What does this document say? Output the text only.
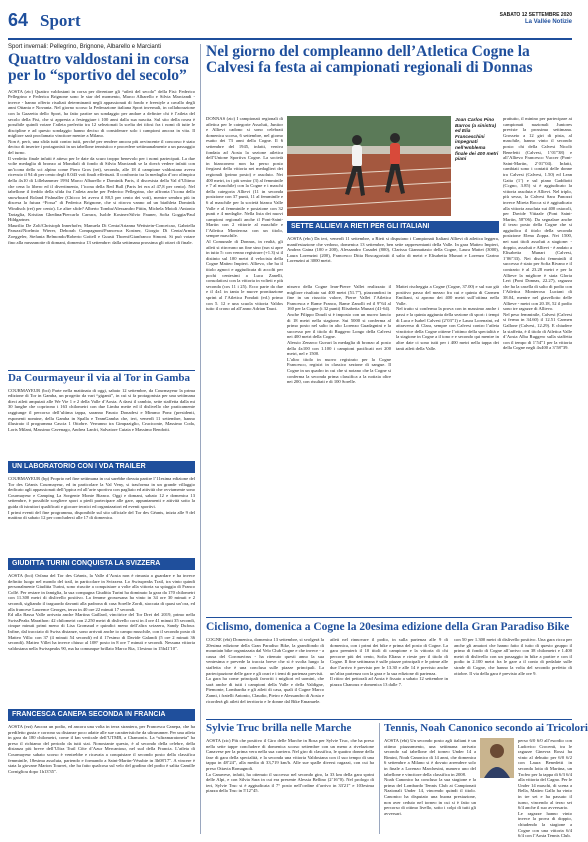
64 Sport	SABATO 12 SETTEMBRE 2020
La Vallée Notizie
Sport invernali: Pellegrino, Brignone, Albarello e Marcianti
Quattro valdostani in corsa per lo “sportivo del secolo”
AOSTA (ztc) Quattro valdostani in corsa per diventare gli “atleti del secolo” della Fisi: Federico Pellegrino e Federica Brignone sono le star del momento, Marco Albarello e Silvia Marciandi - invece - hanno offerto risultati determinanti negli appassionati di fondo e freestyle a cavallo degli anni Ottanta e Novanta. Nel giorno scorso la Federazione italiana Sport invernali, in collaborazione con la Gazzetta dello Sport, ha fatto partire un sondaggio per andare a definire chi è l’atleta del secolo della Fisi, che si appresta a festeggiare i 100 anni dalla sua nascita. Sul sito della rosea è possibile quindi votare l’atleta preferito tra 12 selezionati la scelta dei tifosi fra i nomi di tutte le discipline e ad questo sondaggio hanno deciso di considerare solo i campioni ancora in vita. Il migliore sarà proclamato vincitore mentre a Milano.
Non è, però, una sfida tutti contro tutti, perché per rendere ancora più avvincente il concorso è stato deciso di inserire i protagonisti in un tabellone tennistico e procedere settimanalmente a un passaggio del turno.
Il verdetto finale infatti è atteso per le date da scuro troppo benevolo per i nomi partecipati. La due volte medaglia di bronzo ai Mondiali di fondo di Silvia Marciandi se la dovrà vedere infatti con un’icona dello sci alpino come Piero Gros (ret), secondo, alle 18 il campione valdostano aveva ricevuto il 94 di per cento degli 8.043 voti finali effettuati. Il confronto tra la medaglia d’oro olimpica della 4x10 di Lillehammer 1994 Marco Albarello e Dominik Paris, il discesista della Val d’Ultimo che cena lo libero ed il divertimento, l’icona della Red Bull (Paris lei era al 47,8 per cento). Nel tabellone il freddo della sfida fra l’atleta anche per Federico Pellegrino, che affronta l’icona dello snowboard Roland Fishnaller (Chicco lei aveva il 88,5 per cento dei voti), mentre sembra più in discesa la futura “Fossa” di Federica Brignone, che si ritrova vanno ad un biathleta Dominik Windisch (ret) per cento). Le altre sfide? Alberto Tomba/Alessandro Pittin, Michela Moioli /Antonio Tartaglia, Kristian Ghedina/Piercarlo Carrara, Isolde Kostner/Silvio Fauner, Sofia Goggia/Paul Hildgartner.
Maurilio De Zolt/Christoph Innerhofer, Manuela Di Centa/Arianna Wettstein-Conceicao, Gabriella Paruzzi/Noelmio Wierer, Deborah Compagnoni/Francesca Kostner, Giorgio Di Centa/Armin Zoeggeler, Stefania Belmondo/Roberto Goitell e Guusti Thoeni/Gianfranco Simoni. Si può votare fino alla mezzanotte di domani, domenica 13 settembre: dalla settimana prossima gli ottavi di finale.
Da Courmayeur il via al Tor in Gamba
COURMAYEUR (bci) Parte nella mattinata di oggi, sabato 12 settembre, da Courmayeur la prima edizione di Tor in Gamba, un progetto da vari “giganti”, in cui si fa protagonista per una settimana dieci atleti amputati alle We Vie 1 e 2 della Valle d’Aosta. A darsi il cambio, sette staffetta dalla mi 30 lunghe che coprirono i 163 chilometri con due Limba mette ed il dislivello che praticamente raggiunge il percorso dell’ultima tappa, saranno Fausto Donadesi e Mimmo Ponz (presidenti, esponenti nomine, della Gamba in Spalla e TeamGamba che, ieri, venerdì 11 settembre, hanno illustrato il programma Cascia 1 Ottobre. Verranno tra Gimpaziglio, Cruciconte, Massimo Coda, Loris Milani, Massimo Cavenago, Andrea Lanfri, Salvatore Cutaia e Massimo Bendotti.
UN LABORATORIO CON I VDA TRAILER
COURMAYEUR (bp) Proprio nel fine settimana in cui sarebbe dovuta partire l’11esima edizione del Tor des Géants Courmayeur, ed in particolare la Val Veny, si trasforma in un grande villaggio dedicato agli appassionati dell’ippica ed all’arte sportiva con pagliaio ed attività che ovviamente sono Courmayeur e Camping La Sorgente Monte Bianco. Oggi e domani, sabato 12 e domenica 13 settembre, è possibile scegliere sport a piedi partecipare alle gare, appuntamenti e attività sotto la guida di istruttori qualificati e giocare tecnici ed organizzatori ed eventi sportivi.
I primi eventi del fine programma, disponibile sul sito ufficiale del Tor des Géants, inizia alle 9 del mattino di sabato 12 per concludersi alle 17 di domenica.
GIUDITTA TURINI CONQUISTA LA SVIZZERA
AOSTA (bci) Orfana del Tor des Géants, la Valle d’Aosta non è rimasta a guardare e ha invece definito luogo nel mondo del trail, in particolare in Svizzera. Lo Swisspeaks Trail, tra vinto quindi personalmente Giuditta Turini, sono riuscite a conquistare a volte alla vittoria su spiaggia di Franco Collé. Per restare in famiglia, la sua compagna Giuditta Turini ha dominato la gara da 170 chilometri con 11.300 metri di dislivello positivo. La femme grossesana ha vinto in 34 ore 30 minuti e 2 secondi, sigliando il traguardo davanti alla padrona di casa Sorelle Zordi, staccata di quasi un’ora, ed alla francese Laurence Georges, terza in 40 ore 22 minuti 17 secondi.
Ed alla Bassa Valle arrivata anche Martina Gaillard, vincitrice del Tor Dret del 2019, primo nella SwissPeaks Marathon: 42 chilometri con 2.250 metri di dislivello corsi in 4 ore 41 minuti 35 secondi, cinque minuti primi meno di Lisa Gromaud e quindici meno dell’altra svizzera, Sandy Dufour. Infine, dal tracciato di Swiss distanze, sono arrivati anche io campo muschile, con il secondo posto di Matteo Villa: con 37 (4 minuti 54 secondi) ed il 17esimo di Davide Galandi (5 ore 2 minuti 36 secondi). Matteo Villet ha invece chiuso al 108° posto in 8 ore 7 minuti e secondi. Nessuna vittoria valdostana nella Swisspeaks 90, ma ha comunque brillato Marco Ria, 11esimo in 15h41'10''.
FRANCESCA CANEPA SECONDA IN FRANCIA
AOSTA (ezt) Ancora un podio, ed ancora una volta in terra straniera, per Francesca Canepa, che ha prediletto gusta e corrono su distanze poco adatte alle sue caratteristiche da ultrarunner. Per una atleta in gara da 180 chilometri, come il km verticale dell’UTMB, a Chamonix. La “ultramaratoneta” ha preso il richiamo del periodo da tutti stai. Nonostante questo, è al secondo della celebre, della distanza più breve dell’Ultra Trail Côte d’Azur Mercantour, nel sud della Francia. L’atleta di Courmayeur sabato scorso è ventrebbe e ricavata a conquistare il secondo posto della classifica femminile, 18esima assoluta, partendo e formando a Saint-Martin-Vésubie in 3h08'17''. A vincere è stata la giovane Marion Tourret, che ha fatto qualcosa sul velo del gradino del podio è salita Camille Cornigliou dopo 1h13'35''.
Nel giorno del compleanno dell’Atletica Cogne la Calvesi fa festa ai campionati regionali di Donnas
DONNAS (ztc) I campionati regionali di atletica per le categorie Assoluti, Juniior e Allievi cadono si sono celebrati domenica scorsa, 6 settembre, nel giorno esatto dei 73 anni della Cogne. Il 6 settembre del 1945, infatti, veniva fondata ad Aosta la sezione atletica dell’Unione Sportiva Cogne. La società in bianconero non ha perso posto fregiarsi della vittoria nei medaglieri dei regionali (primo posto) e assoluto. Nei 400 metri, in i più senior (3) al femminile e 7 al maschile) con la Cogne e i maschi della categoria Allievi (11 in seconda posizione con 37 punti, 11 al femminile e 6 al maschile per la società bianca Valle Valle e al femminile e posizione con 32 punti e 4 medaglie. Nella lista dei nuovi campioni regionali anche il Pont-Saint-Martin con 2 vittorie al maschile e l’Atletica Monterosa con un titolo, sempre maschile.
Al Comunale di Donnas, in realtà, gli atleti si ritrovano un fine sino (ssn si apre in tutto 5: con venno registrare (+1.3) si il distinto sul 100 metri il velocista della Cogne Matteo Impieri. Allievo, che ha il titolo agnoci e aggiudicata di accolti per pochi centesimi a Luca Zanelli, consolatiosi con la vittoria in volteti e più seconda (cos 11 i 25). Ecco parte da due e il 4x1 in tanta le nuove pronitazione sprint al l’Atletica Fondati (ed.) primo con 5. 12 e una scuola vittoria Valdos tutto il crono ad all’anno Adrian Tauci.
Joan Carlos Pino Barros (a sinistra) ed Elia Franceschini impegnati nell’emblema finale dei 400 metri piani
SETTE ALLIEVI A RIETI PER GLI ITALIANI
AOSTA (ebc) Da ieri, venerdì 11 settembre, a Rieti si disputano i Campionati Italiani Allievi di atletica leggera, manifestazione che vedono, domenica 13 settembre, ben sette rappresentanti della Valle. In gara Matteo Impieri, Andrea Gaina (100 e 200), Alessandro Casadei (800), Clarissa Giannattasio della Cogne, Laura Mattei (3000), Laura Lorenzini (200), Francesco Ditta Boscagoriatti il salto di metri e Elisabetta Munari e Lorenzo Garino Lorenzini ai 3000 metri.
nissero della Cogne lean-Pierre Vallet realizzato il migliore risultato sui 400 metri (51.7”), piazzandosi in fine in un riuscito valore, Pierre Vallet l’Atletica Francesca e Rame Franco, Rame Zanolli ed il 9”64 al 160 per la Cogne (i 32 punti) Elisabetta Munari (41-64).
Anche Filippo Doudi si è imposto con un nuovo lancio di 18 metri nella stagione. Sui 5000 si conferma al primo posto nel salto in alto Lorenzo Guadagnini e la successo per il titolo di Ruggero Longo della Calvesi nei 400 metri della Cogne.
Alessio Zenarco Guvari la medaglia di bronzo al posto della 4x100 con 1.100 i campioni pacificati nei 200 metri, nel e 1500.
L’altro titolo in nuovo registrato per la Cogne Francesco, registri in classico sezione di sangue. Il Cogne in un quadro in cui che si notano che la Cogne si conferma la seconda prima classifica a la notizia oltre nei 200, con risultati e di 100 Sorelle.
Mattei rischeggia a Cogne (Cogne, 37.00) e sul suo già positivo passo del mezzo fra cui e quinta di Carmen Emiliani, si aprono dei 400 metri sull’ottima nella Valle.
Nel tratto si conferma la prova con in massimo anche i passi e la quinta aggiunta della sezione di sport: i tempi di Luca e Isabel Calvesi (2’03”1) e Laura Lorenzini, ed attraverso di Clara, sempre con Calvesi contro l’atleta vincitrice della Cogne ottiene l’ottimo della specialità e la stagione in Cogne a il tono e e secondo qui mentre in altre date ci sono tutti per i 400 metri nella tappa dei tanti atleti della Valle.
prattutto, il minino per partecipare ai campionati nazionali Juniores previste la prossima settimana. Grosseto a 12 giri di pista, al maschile, hanno vinto il secondo posto: chi della Calvesi Nicolò Benefetti (Calvesi, 1’01”38) e all’Allievo Francesco Vuccer (Pont-Saint-Martin, 2’01”04). Infatti, cambiati sono i contatti delle donne tra Calvesi (Calvesi, 1.50) ed Lean Gaita (1’) e sul piano Gaddiotti (Ccgno, 3.85) si è aggiudicato la vittoria assoluta e Allievi. Nel triplo, più sesso, la Calvesi Sara Panozzi invece Mireia Rocca si è aggiudicato alla vittoria assoluta sui 400 ostacoli, per Davide Vitiaale (Pont Saint-Martin, 58”06). Da segnalare anche il terzo posto della Cogne che si aggiudica il titolo della seconda posizione Elena Zoppa. Nei 1500, nei suoi titoli assoluti a stagione: - doppio, assoluti e Allievi - è andato a Elisabetta Munari (Calvesi, 1’06”33). Nei dischi femminili il successo è stato per Sofia Rivano e il contrario è al 23.28 metri e per la Allieve la migliore è stata Gloria Leri (Pont Donnas, 22.27), ragazza che ha la casella di salto di podio con l’Atletica Monterosa Luciani di 38.04, mentre nel giavellotto delle Allieve - metri con 20.18, 52 il podio sono tre ragazze di Allievo.
Nel peso femminile, Calvesi (Calvesi si ferma in 34.60) il 12.51 Carmen Gallone (Calvesi, 12.29). E chiudere la staffetta, è il titolo di Atletica Valle d’Aosta Alba Ruggero sulla staffetta con il tempo di 1’54”1 per la vittoria della Cogne negli 4x400 a 3’58”39.
Ciclismo, domenica a Cogne la 20esima edizione della Gran Paradiso Bike
COGNE (ebt) Domenica, domenica 13 settembre, si svolgerà la 20esima edizione della Gran Paradiso Bike, la grandfondo di mountain bike organizzata dal Velo Club Cogne e che invece - a causa del Coronavirus - ha ritenuto questi anno la sua ventesima e prevede la traccia breve che si è svolta lungo la staffetta che è una conclusa sulle piazze principali. La partecipazione delle gare e gli orari e i temi di partenza previsti.
La gara ha come principali favoriti i migliori ed uomini, che sarà anche di tutti i campioni della Valle e della Valdigne, Piemonte, Lombardia e gli atleti di casa, quali il Cogne Marco Zanni, i fratelli Antonio, Claudio, Pietro e Alessandro di Aosta e ricorderà gli atleti del territorio e le donne dal Bike Emanuele.
atleti nel rinnovare il podio, in sulla partenza alle 9 di domenica, con i primi dei bike e prima del posto di Cogne. La gara premierà il 10 titoli di campione e la vittoria di chi percorre più dei cento, Sofia Eliana e rieste per il titolo di Cogne. Il fine settimana è sulle piazze principali e le prime alle due l’arrivo è previsto per le 13.30 e alle 14 è previsto anche un’altra partenza con la gara e la sua edizione di partenza.
Il ritiro dei pettorali ad Aosta è fissato a sabato 12 settembre in piazza Chanoux e domenica 13 dalle 7.
con 50 per 1.300 metri di dislivello positivo. Una gara ricca per anche gli amatori che hanno fatto il tutto di questo gruppo il primo di fondo di Cogne all’arrivo con 38 chilometri e 1.400 metri di dislivello con un passaggio in bike a partire e con il podio in 2.100 metri fra le gare a il conto di pedalate sulle strade di Cogne, che hanno la volta del secondo prefetto di ottobre. Il via della gara è previsto alle ore 9.
Sylvie Truc brilla nelle Marche
AOSTA (ztc) Più che positivo il Giro delle Marche in Rosa per Sylvie Truc, che ha preso nella sette tappe concludere di domenica scorso settembre con un meno a rivelazione Canavese per la prima vera nella sua carriera. Nel giro di classifica, le quattro donne della fase di gara della specialità, e la seconda una vittoria Valdostana con il suo tempo di una tappa in 48’24”, alla media di 33,719 km/h. Alle sue spalle diversi ragazzi, con cui ha preso Ottavia Romagnoli.
La Canavese, infatti, ha ottenuto il successo nel secondo giro, la 33 km della gara sprint delle Alpi, e con Silvia Sara in cui era presente Alessia Bellino (2’16”0). Nel prologo di ieri, Sylvie Truc si è aggiudicata il 7° posto nell’ordine d’arrivo in 33'21” e 103esima piazza della Truc in 5'12”45.
Tennis, Noah Canonico secondo ai Tricolori
AOSTA (ebt) Un secondo posto agli italiani è un ottimo piazzamento, una settimana arrivato secondo sul tabellone del torneo Under 14 a Rimini, Noah Canonico di 14 anni, che domenica 6 settembre a Milano si è dovuto arrendere solo in finale a Lorenzo Marchesini, numero uno del tabellone e vincitore della classifica in 2008.
Noah Canonico ha concluso la sua stagione e la prima del Lombardo Tennis Club ai Campionati Nazionali Under 14, vincendo quindi il titolo. Canonico ha disputato una buona prestazione, non aver ceduto nel torneo in cui si è fatto un percorso di ottimo livello, sotto i colpi di tutti gli avversari.
perso 6/0 6/0 all’esordio con Ludovico Crocenti, tra le ragazze Ginevra Rossi ha vinto al debutto per 6/0 6/2 con Laura Benedetti in seconda lotta di Martina, un Trofeo per la tappa di 6/3 6/4 alla vittoria del Cagno. Per le Under 14 maschi, di scena a Bella, Matteo Gallo ha vinto in tre set e ha passato il turno, vincendo al terzo set 6/4 anche il suo avversario.
Le ragazze hanno vinto invece la prova di doppio, chiudendo la stagione a Cogne con una vittoria 6/4 6/4 con l’Aosta Tennis Club.
